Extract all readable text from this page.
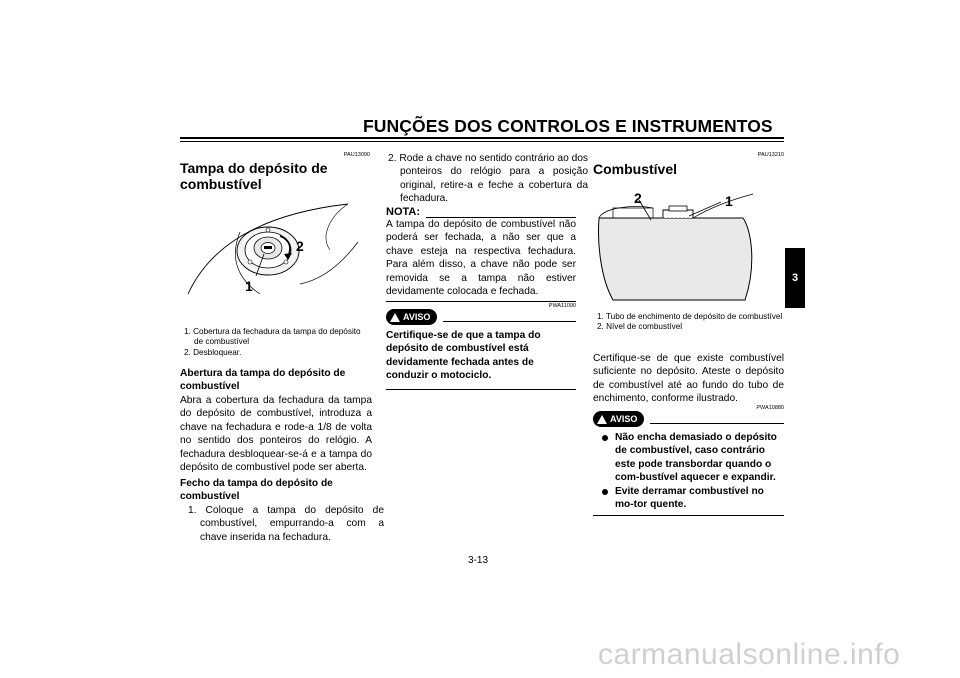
FUNÇÕES DOS CONTROLOS E INSTRUMENTOS
3
PAU13090
Tampa do depósito de combustível
1
2

1. Cobertura da fechadura da tampa do depósito de combustível

2. Desbloquear.

Abertura da tampa do depósito de combustível
Abra a cobertura da fechadura da tampa do depósito de combustível, introduza a chave na fechadura e rode-a 1/8 de volta no sentido dos ponteiros do relógio. A fechadura desbloquear-se-á e a tampa do depósito de combustível pode ser aberta.
Fecho da tampa do depósito de combustível
1. Coloque a tampa do depósito de combustível, empurrando-a com a chave inserida na fechadura.
2. Rode a chave no sentido contrário ao dos ponteiros do relógio para a posição original, retire-a e feche a cobertura da fechadura.
NOTA:
A tampa do depósito de combustível não poderá ser fechada, a não ser que a chave esteja na respectiva fechadura. Para além disso, a chave não pode ser removida se a tampa não estiver devidamente colocada e fechada.
PWA11090
AVISO
Certifique-se de que a tampa do depósito de combustível está devidamente fechada antes de conduzir o motociclo.
PAU13210
Combustível
2	1

1. Tubo de enchimento de depósito de combustível

2. Nível de combustível

Certifique-se de que existe combustível suficiente no depósito. Ateste o depósito de combustível até ao fundo do tubo de enchimento, conforme ilustrado.
PWA10880
AVISO
Não encha demasiado o depósito de combustível, caso contrário este pode transbordar quando o com-bustível aquecer e expandir.
Evite derramar combustível no mo-tor quente.
3-13
carmanualsonline.info
